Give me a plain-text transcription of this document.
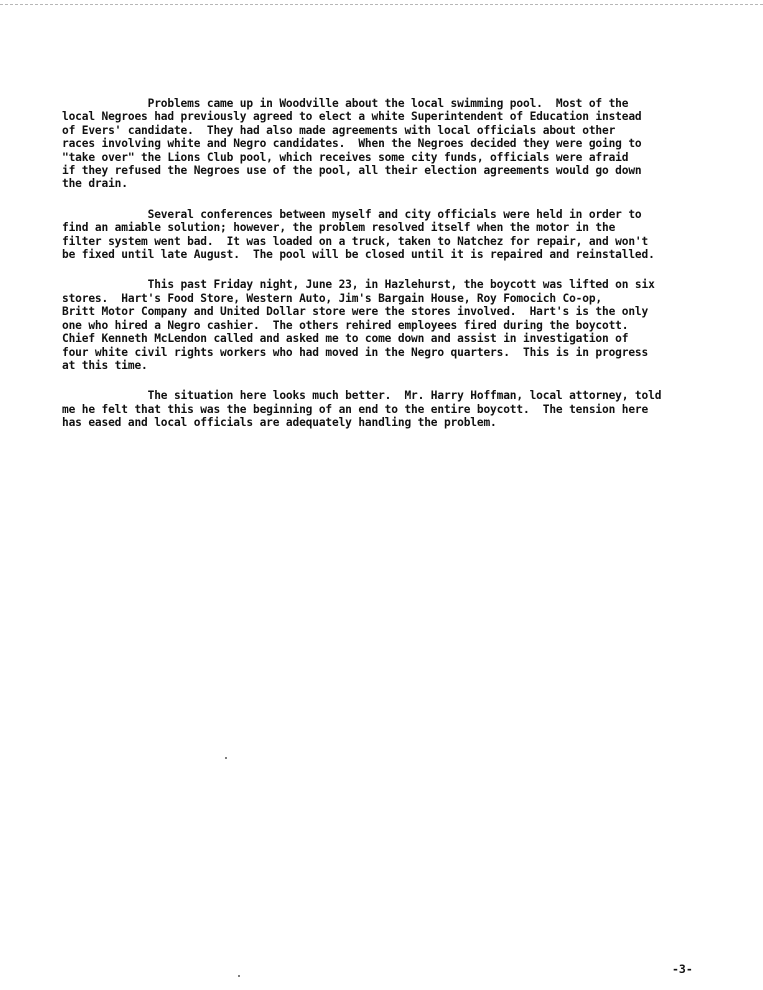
Problems came up in Woodville about the local swimming pool.  Most of the
local Negroes had previously agreed to elect a white Superintendent of Education instead
of Evers' candidate.  They had also made agreements with local officials about other
races involving white and Negro candidates.  When the Negroes decided they were going to
"take over" the Lions Club pool, which receives some city funds, officials were afraid
if they refused the Negroes use of the pool, all their election agreements would go down
the drain.
Several conferences between myself and city officials were held in order to
find an amiable solution; however, the problem resolved itself when the motor in the
filter system went bad.  It was loaded on a truck, taken to Natchez for repair, and won't
be fixed until late August.  The pool will be closed until it is repaired and reinstalled.
This past Friday night, June 23, in Hazlehurst, the boycott was lifted on six
stores.  Hart's Food Store, Western Auto, Jim's Bargain House, Roy Fomocich Co-op,
Britt Motor Company and United Dollar store were the stores involved.  Hart's is the only
one who hired a Negro cashier.  The others rehired employees fired during the boycott.
Chief Kenneth McLendon called and asked me to come down and assist in investigation of
four white civil rights workers who had moved in the Negro quarters.  This is in progress
at this time.
The situation here looks much better.  Mr. Harry Hoffman, local attorney, told
me he felt that this was the beginning of an end to the entire boycott.  The tension here
has eased and local officials are adequately handling the problem.
-3-
